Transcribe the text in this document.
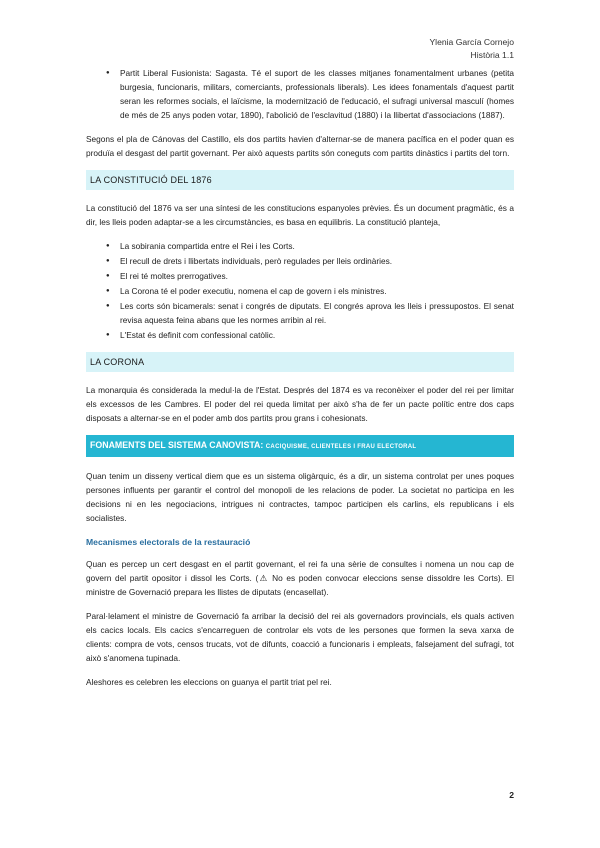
Ylenia García Cornejo
Història 1.1
● Partit Liberal Fusionista: Sagasta. Té el suport de les classes mitjanes fonamentalment urbanes (petita burgesia, funcionaris, militars, comerciants, professionals liberals). Les idees fonamentals d'aquest partit seran les reformes socials, el laïcisme, la modernització de l'educació, el sufragi universal masculí (homes de més de 25 anys poden votar, 1890), l'abolició de l'esclavitud (1880) i la llibertat d'associacions (1887).

Segons el pla de Cánovas del Castillo, els dos partits havien d'alternar-se de manera pacífica en el poder quan es produïa el desgast del partit governant. Per això aquests partits són coneguts com partits dinàstics i partits del torn.

LA CONSTITUCIÓ DEL 1876

La constitució del 1876 va ser una síntesi de les constitucions espanyoles prèvies. És un document pragmàtic, és a dir, les lleis poden adaptar-se a les circumstàncies, es basa en equilibris. La constitució planteja,

● La sobirania compartida entre el Rei i les Corts.
● El recull de drets i llibertats individuals, però regulades per lleis ordinàries.
● El rei té moltes prerrogatives.
● La Corona té el poder executiu, nomena el cap de govern i els ministres.
● Les corts són bicamerals: senat i congrés de diputats. El congrés aprova les lleis i pressupostos. El senat revisa aquesta feina abans que les normes arribin al rei.
● L'Estat és definit com confessional catòlic.
LA CORONA

La monarquia és considerada la medul·la de l'Estat. Després del 1874 es va reconèixer el poder del rei per limitar els excessos de les Cambres. El poder del rei queda limitat per això s'ha de fer un pacte polític entre dos caps disposats a alternar-se en el poder amb dos partits prou grans i cohesionats.

FONAMENTS DEL SISTEMA CANOVISTA: CACIQUISME, CLIENTELES I FRAU ELECTORAL

Quan tenim un disseny vertical diem que es un sistema oligàrquic, és a dir, un sistema controlat per unes poques persones influents per garantir el control del monopoli de les relacions de poder. La societat no participa en les decisions ni en les negociacions, intrigues ni contractes, tampoc participen els carlins, els republicans i els socialistes.

Mecanismes electorals de la restauració

Quan es percep un cert desgast en el partit governant, el rei fa una sèrie de consultes i nomena un nou cap de govern del partit opositor i dissol les Corts. (⚠ No es poden convocar eleccions sense dissoldre les Corts). El ministre de Governació prepara les llistes de diputats (encasellat).

Paral·lelament el ministre de Governació fa arribar la decisió del rei als governadors provincials, els quals activen els cacics locals. Els cacics s'encarreguen de controlar els vots de les persones que formen la seva xarxa de clients: compra de vots, censos trucats, vot de difunts, coacció a funcionaris i empleats, falsejament del sufragi, tot això s'anomena tupinada.

Aleshores es celebren les eleccions on guanya el partit triat pel rei.

2
